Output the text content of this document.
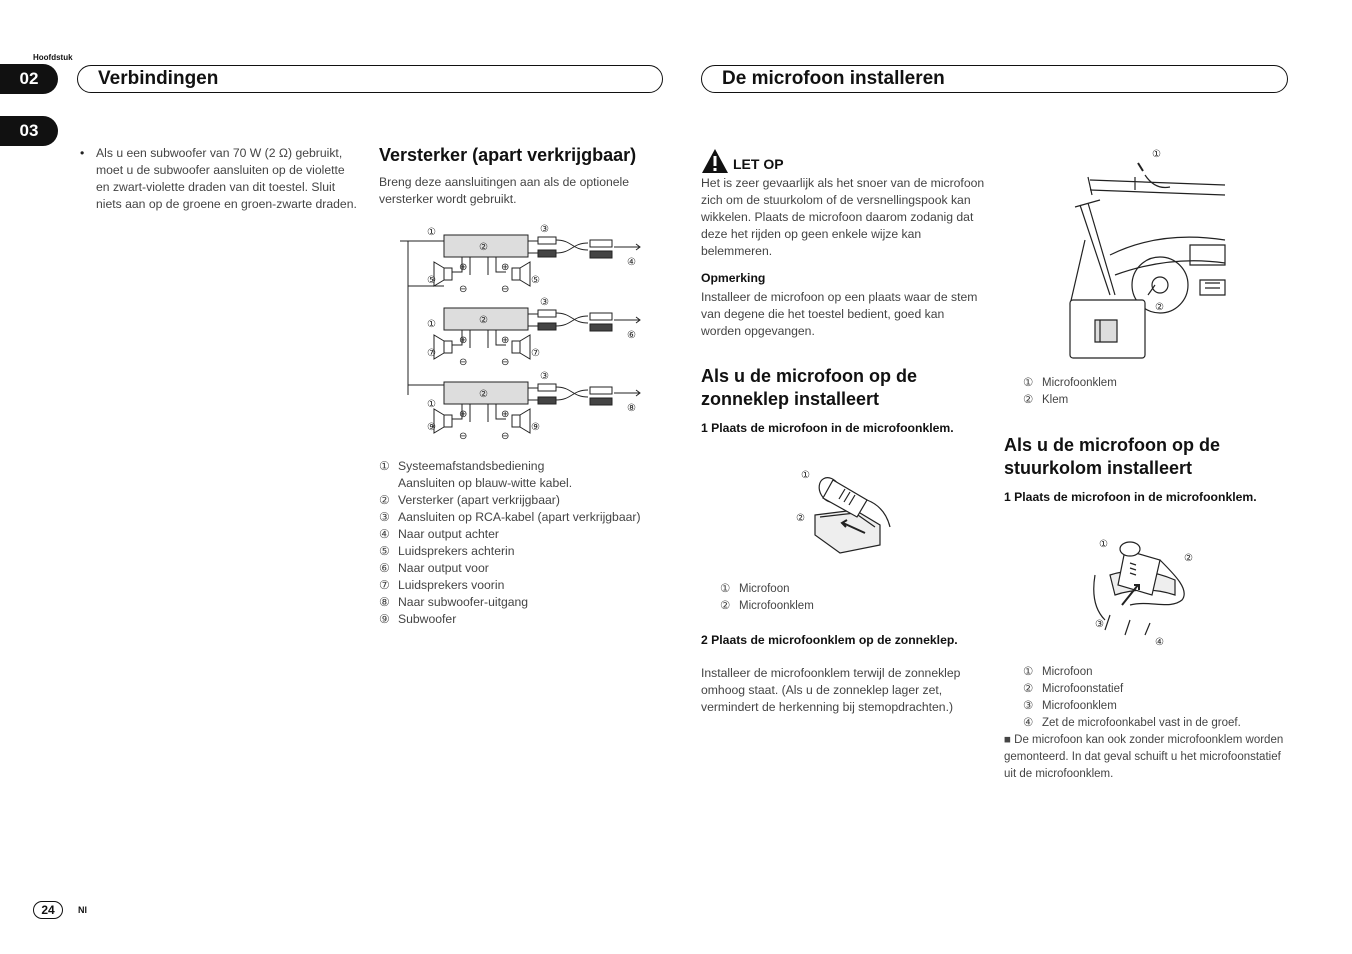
Hoofdstuk
02
03
Verbindingen	De microfoon installeren
• Als u een subwoofer van 70 W (2 Ω) gebruikt, moet u de subwoofer aansluiten op de violette en zwart-violette draden van dit toestel. Sluit niets aan op de groene en groen-zwarte draden.
Versterker (apart verkrijgbaar)
Breng deze aansluitingen aan als de optionele versterker wordt gebruikt.
①
①
①
②
②
②
③
③
③
④
⑥
⑧
⑤	⑤
⑦	⑦
⑨	⑨
⊕	⊕
⊖	⊖
⊕	⊕
⊖	⊖
⊕	⊕
⊖	⊖
① Systeemafstandsbediening
Aansluiten op blauw-witte kabel.
② Versterker (apart verkrijgbaar)
③ Aansluiten op RCA-kabel (apart verkrijgbaar)
④ Naar output achter
⑤ Luidsprekers achterin
⑥ Naar output voor
⑦ Luidsprekers voorin
⑧ Naar subwoofer-uitgang
⑨ Subwoofer
LET OP
Het is zeer gevaarlijk als het snoer van de microfoon zich om de stuurkolom of de versnellingspook kan wikkelen. Plaats de microfoon daarom zodanig dat deze het rijden op geen enkele wijze kan belemmeren.
Opmerking
Installeer de microfoon op een plaats waar de stem van degene die het toestel bedient, goed kan worden opgevangen.
Als u de microfoon op de zonneklep installeert
1 Plaats de microfoon in de microfoonklem.
①
②
① Microfoon
② Microfoonklem
2 Plaats de microfoonklem op de zonneklep.
Installeer de microfoonklem terwijl de zonneklep omhoog staat. (Als u de zonneklep lager zet, vermindert de herkenning bij stemopdrachten.)
①
②
① Microfoonklem
② Klem
Als u de microfoon op de stuurkolom installeert
1 Plaats de microfoon in de microfoonklem.
①
②
③
④
① Microfoon
② Microfoonstatief
③ Microfoonklem
④ Zet de microfoonkabel vast in de groef.
■ De microfoon kan ook zonder microfoonklem worden gemonteerd. In dat geval schuift u het microfoonstatief uit de microfoonklem.
24	Nl
